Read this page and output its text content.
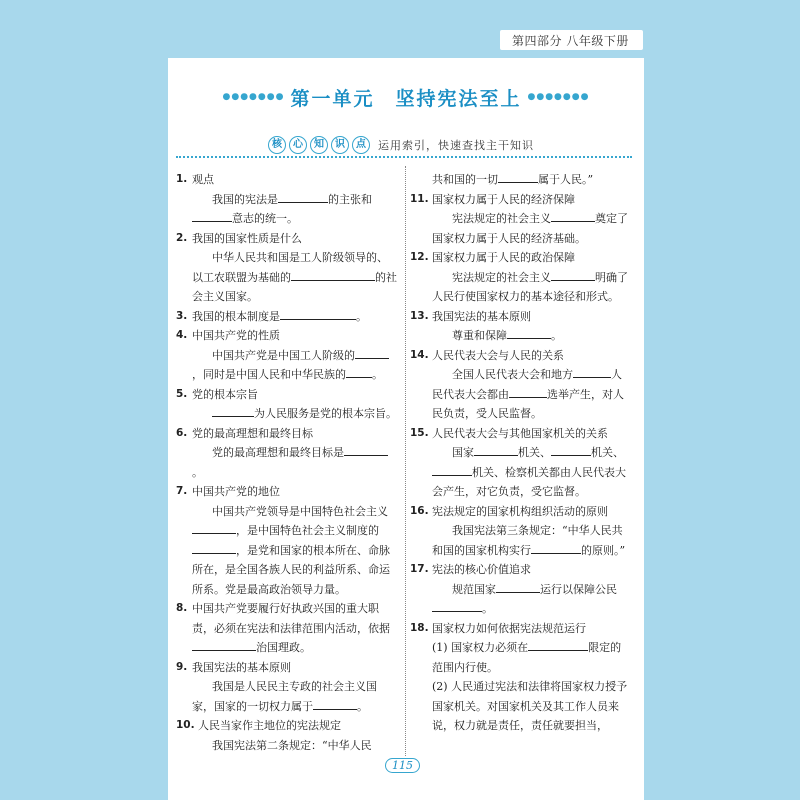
第四部分 八年级下册
●●●●●●● 第一单元　坚持宪法至上 ●●●●●●●
核	心	知	识	点	运用索引，快速查找主干知识
1. 观点
我国的宪法是	的主张和意志的统一。
2. 我国的国家性质是什么
中华人民共和国是工人阶级领导的、以工农联盟为基础的	的社会主义国家。
3. 我国的根本制度是	。
4. 中国共产党的性质
中国共产党是中国工人阶级的，同时是中国人民和中华民族的 。
5. 党的根本宗旨
为人民服务是党的根本宗旨。
6. 党的最高理想和最终目标
党的最高理想和最终目标是。
7. 中国共产党的地位
中国共产党领导是中国特色社会主义，是中国特色社会主义制度的，是党和国家的根本所在、命脉所在，是全国各族人民的利益所系、命运所系。党是最高政治领导力量。
8. 中国共产党要履行好执政兴国的重大职责，必须在宪法和法律范围内活动，依据治国理政。
9. 我国宪法的基本原则
我国是人民民主专政的社会主义国家，国家的一切权力属于	。
10. 人民当家作主地位的宪法规定
我国宪法第二条规定：“中华人民
共和国的一切	属于人民。”
11. 国家权力属于人民的经济保障
宪法规定的社会主义	奠定了国家权力属于人民的经济基础。
12. 国家权力属于人民的政治保障
宪法规定的社会主义	明确了人民行使国家权力的基本途径和形式。
13. 我国宪法的基本原则
尊重和保障	。
14. 人民代表大会与人民的关系
全国人民代表大会和地方	人民代表大会都由	选举产生，对人民负责，受人民监督。
15. 人民代表大会与其他国家机关的关系
国家	机关、	机关、机关、检察机关都由人民代表大会产生，对它负责，受它监督。
16. 宪法规定的国家机构组织活动的原则
我国宪法第三条规定：“中华人民共和国的国家机构实行	的原则。”
17. 宪法的核心价值追求
规范国家	运行以保障公民。
18. 国家权力如何依据宪法规范运行
(1) 国家权力必须在	限定的范围内行使。
(2) 人民通过宪法和法律将国家权力授予国家机关。对国家机关及其工作人员来说，权力就是责任，责任就要担当，
115
